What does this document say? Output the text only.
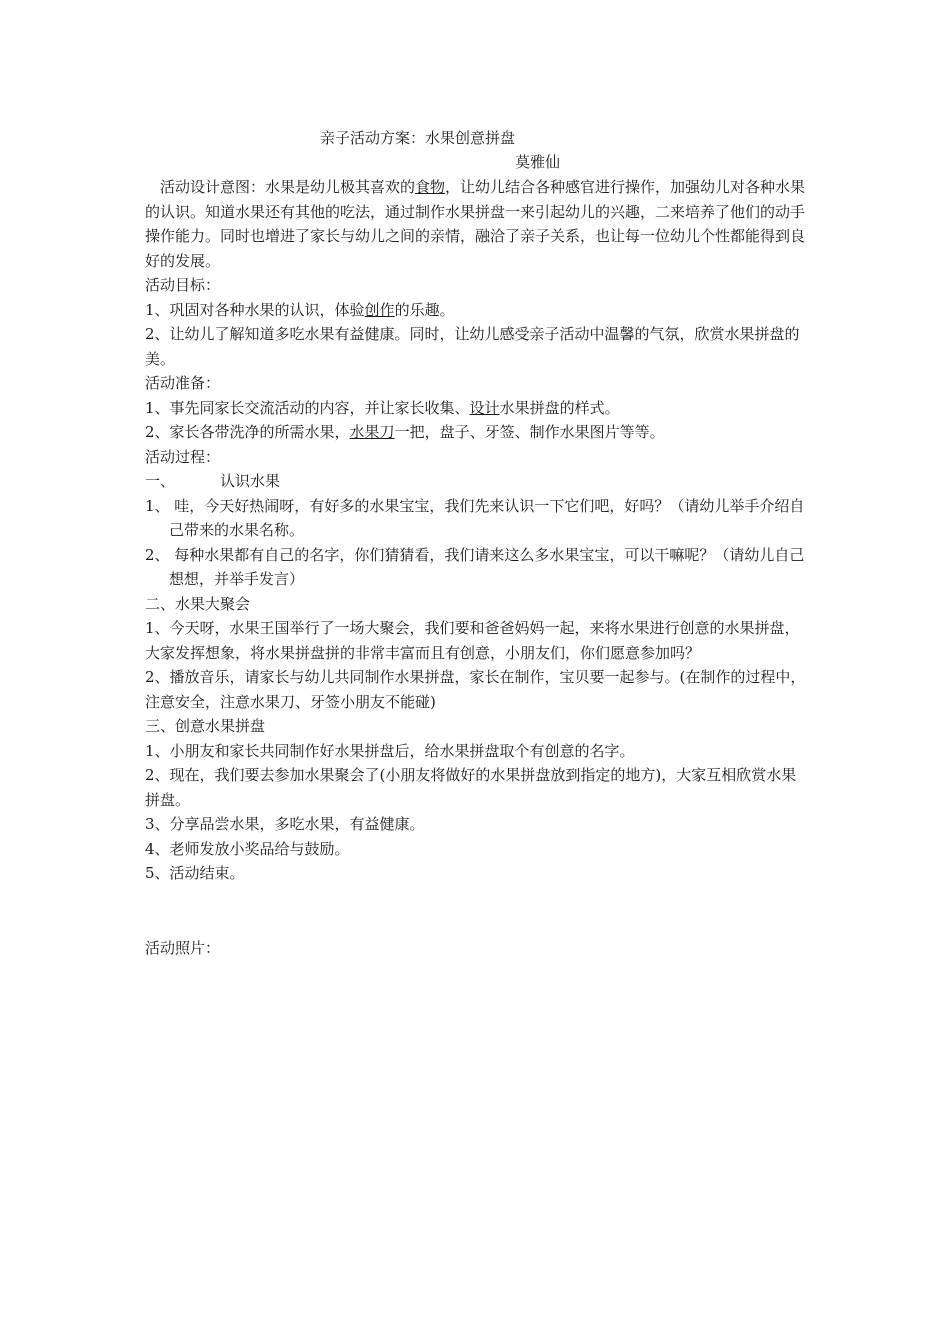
亲子活动方案：水果创意拼盘
莫雅仙

活动设计意图：水果是幼儿极其喜欢的食物，让幼儿结合各种感官进行操作，加强幼儿对各种水果的认识。知道水果还有其他的吃法，通过制作水果拼盘一来引起幼儿的兴趣，二来培养了他们的动手操作能力。同时也增进了家长与幼儿之间的亲情，融洽了亲子关系，也让每一位幼儿个性都能得到良好的发展。

活动目标：
1、巩固对各种水果的认识，体验创作的乐趣。
2、让幼儿了解知道多吃水果有益健康。同时，让幼儿感受亲子活动中温馨的气氛，欣赏水果拼盘的美。
活动准备：
1、事先同家长交流活动的内容，并让家长收集、设计水果拼盘的样式。
2、家长各带洗净的所需水果，水果刀一把，盘子、牙签、制作水果图片等等。
活动过程：
一、	认识水果
1、 哇，今天好热闹呀，有好多的水果宝宝，我们先来认识一下它们吧，好吗？（请幼儿举手介绍自己带来的水果名称。
2、 每种水果都有自己的名字，你们猜猜看，我们请来这么多水果宝宝，可以干嘛呢？（请幼儿自己想想，并举手发言）
二、水果大聚会
1、今天呀，水果王国举行了一场大聚会，我们要和爸爸妈妈一起，来将水果进行创意的水果拼盘，大家发挥想象，将水果拼盘拼的非常丰富而且有创意，小朋友们，你们愿意参加吗？
2、播放音乐，请家长与幼儿共同制作水果拼盘，家长在制作，宝贝要一起参与。(在制作的过程中，注意安全，注意水果刀、牙签小朋友不能碰)
三、创意水果拼盘
1、小朋友和家长共同制作好水果拼盘后，给水果拼盘取个有创意的名字。
2、现在，我们要去参加水果聚会了(小朋友将做好的水果拼盘放到指定的地方)，大家互相欣赏水果拼盘。
3、分享品尝水果，多吃水果，有益健康。
4、老师发放小奖品给与鼓励。
5、活动结束。
活动照片：
